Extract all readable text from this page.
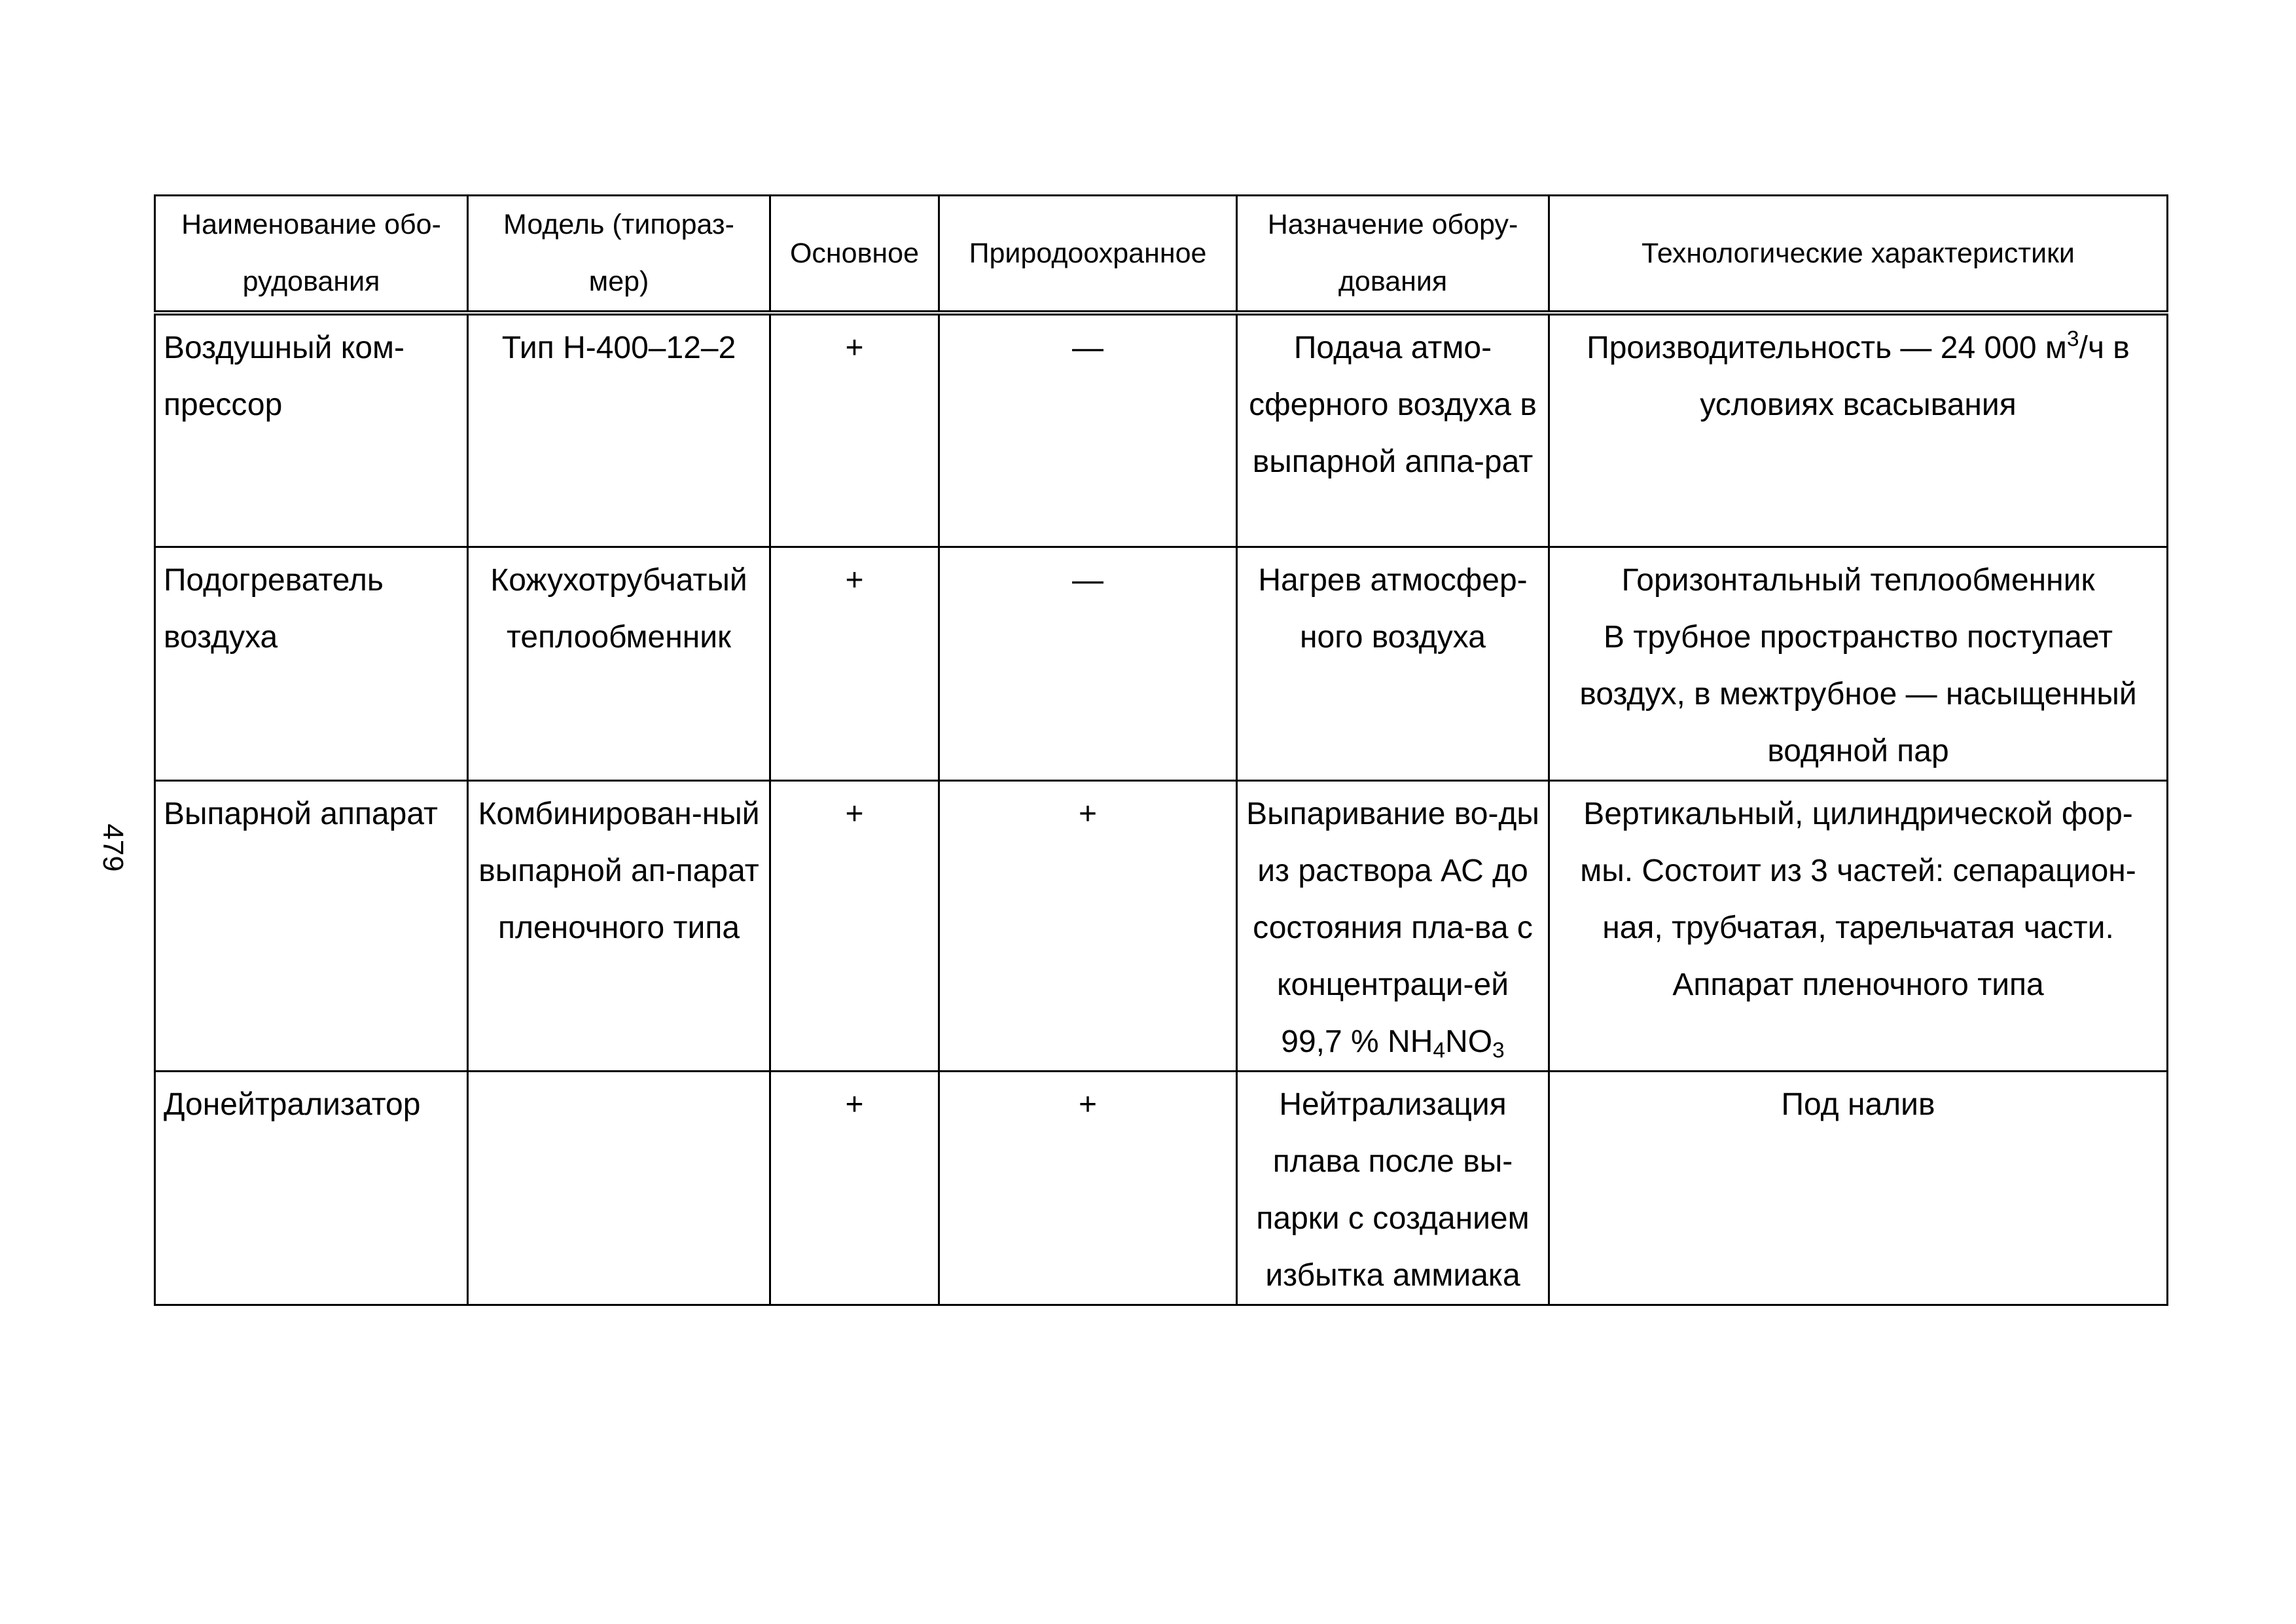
479
Наименование обо-рудования	Модель (типораз-мер)	Основное	Природоохранное	Назначение обору-дования	Технологические характеристики
Воздушный ком-прессор	Тип Н-400–12–2	+	—	Подача атмо-сферного воздуха в выпарной аппа-рат	Производительность — 24 000 $м^3/ч$ в условиях всасывания
Подогреватель воздуха	Кожухотрубчатый теплообменник	+	—	Нагрев атмосфер-ного воздуха	Горизонтальный теплообменник
В трубное пространство поступает воздух, в межтрубное — насыщенный водяной пар

Выпарной аппарат	Комбинирован-ный выпарной ап-парат пленочного типа	+	+	Выпаривание во-ды из раствора АС до состояния пла-ва с концентраци-ей 99,7 % $NH_4NO_3$	Вертикальный, цилиндрической фор-мы. Состоит из 3 частей: сепарацион-ная, трубчатая, тарельчатая части. Аппарат пленочного типа
Донейтрализатор		+	+	Нейтрализация плава после вы-парки с созданием избытка аммиака	Под налив
